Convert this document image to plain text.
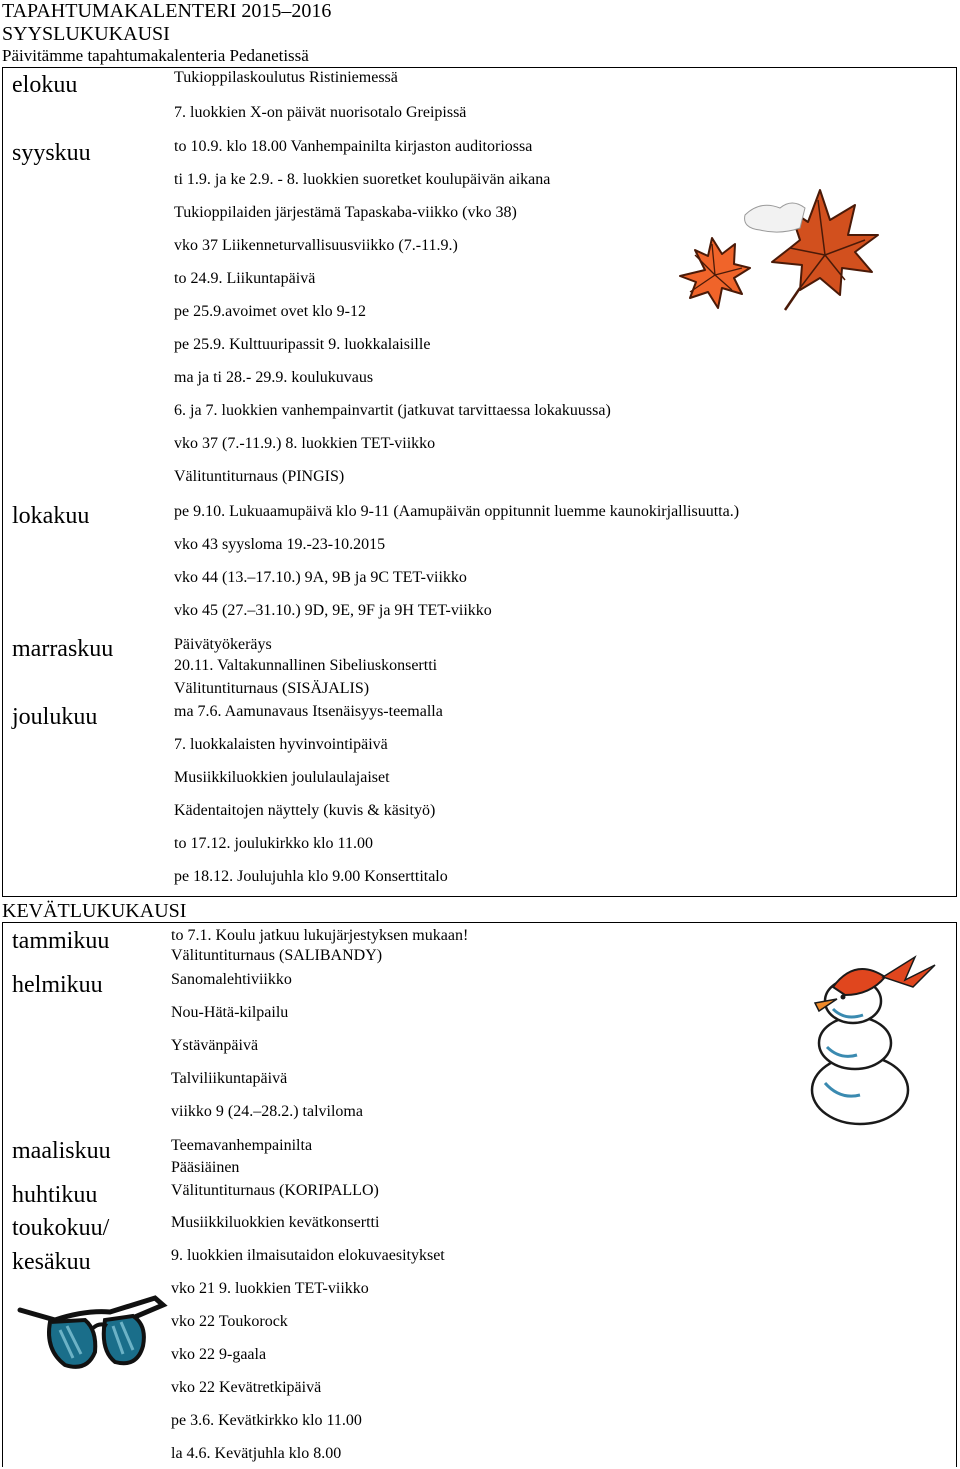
TAPAHTUMAKALENTERI 2015–2016
SYYSLUKUKAUSI
Päivitämme tapahtumakalenteria Pedanetissä
elokuu
syyskuu
lokakuu
marraskuu
joulukuu
Tukioppilaskoulutus Ristiniemessä
7. luokkien X-on päivät nuorisotalo Greipissä
to 10.9. klo 18.00 Vanhempainilta kirjaston auditoriossa
ti 1.9. ja ke 2.9. - 8. luokkien suoretket koulupäivän aikana
Tukioppilaiden järjestämä Tapaskaba-viikko (vko 38)
vko 37 Liikenneturvallisuusviikko (7.-11.9.)
to 24.9. Liikuntapäivä
pe 25.9.avoimet ovet klo 9-12
pe 25.9. Kulttuuripassit 9. luokkalaisille
ma ja ti 28.- 29.9. koulukuvaus
6. ja 7. luokkien vanhempainvartit (jatkuvat tarvittaessa lokakuussa)
vko 37 (7.-11.9.) 8. luokkien TET-viikko
Välituntiturnaus (PINGIS)
pe 9.10. Lukuaamupäivä klo 9-11 (Aamupäivän oppitunnit luemme kaunokirjallisuutta.)
vko 43 syysloma 19.-23-10.2015
vko 44 (13.–17.10.) 9A, 9B ja 9C TET-viikko
vko 45 (27.–31.10.) 9D, 9E, 9F ja 9H TET-viikko
Päivätyökeräys
20.11. Valtakunnallinen Sibeliuskonsertti
Välituntiturnaus (SISÄJALIS)
ma 7.6. Aamunavaus Itsenäisyys-teemalla
7. luokkalaisten hyvinvointipäivä
Musiikkiluokkien joululaulajaiset
Kädentaitojen näyttely (kuvis & käsityö)
to 17.12. joulukirkko klo 11.00
pe 18.12. Joulujuhla klo 9.00 Konserttitalo
KEVÄTLUKUKAUSI
tammikuu
helmikuu
maaliskuu
huhtikuu
toukokuu/
kesäkuu
to 7.1. Koulu jatkuu lukujärjestyksen mukaan!
Välituntiturnaus (SALIBANDY)
Sanomalehtiviikko
Nou-Hätä-kilpailu
Ystävänpäivä
Talviliikuntapäivä
viikko 9 (24.–28.2.) talviloma
Teemavanhempainilta
Pääsiäinen
Välituntiturnaus (KORIPALLO)
Musiikkiluokkien kevätkonsertti
9. luokkien ilmaisutaidon elokuvaesitykset
vko 21 9. luokkien TET-viikko
vko 22 Toukorock
vko 22 9-gaala
vko 22 Kevätretkipäivä
pe 3.6. Kevätkirkko klo 11.00
la 4.6. Kevätjuhla klo 8.00
